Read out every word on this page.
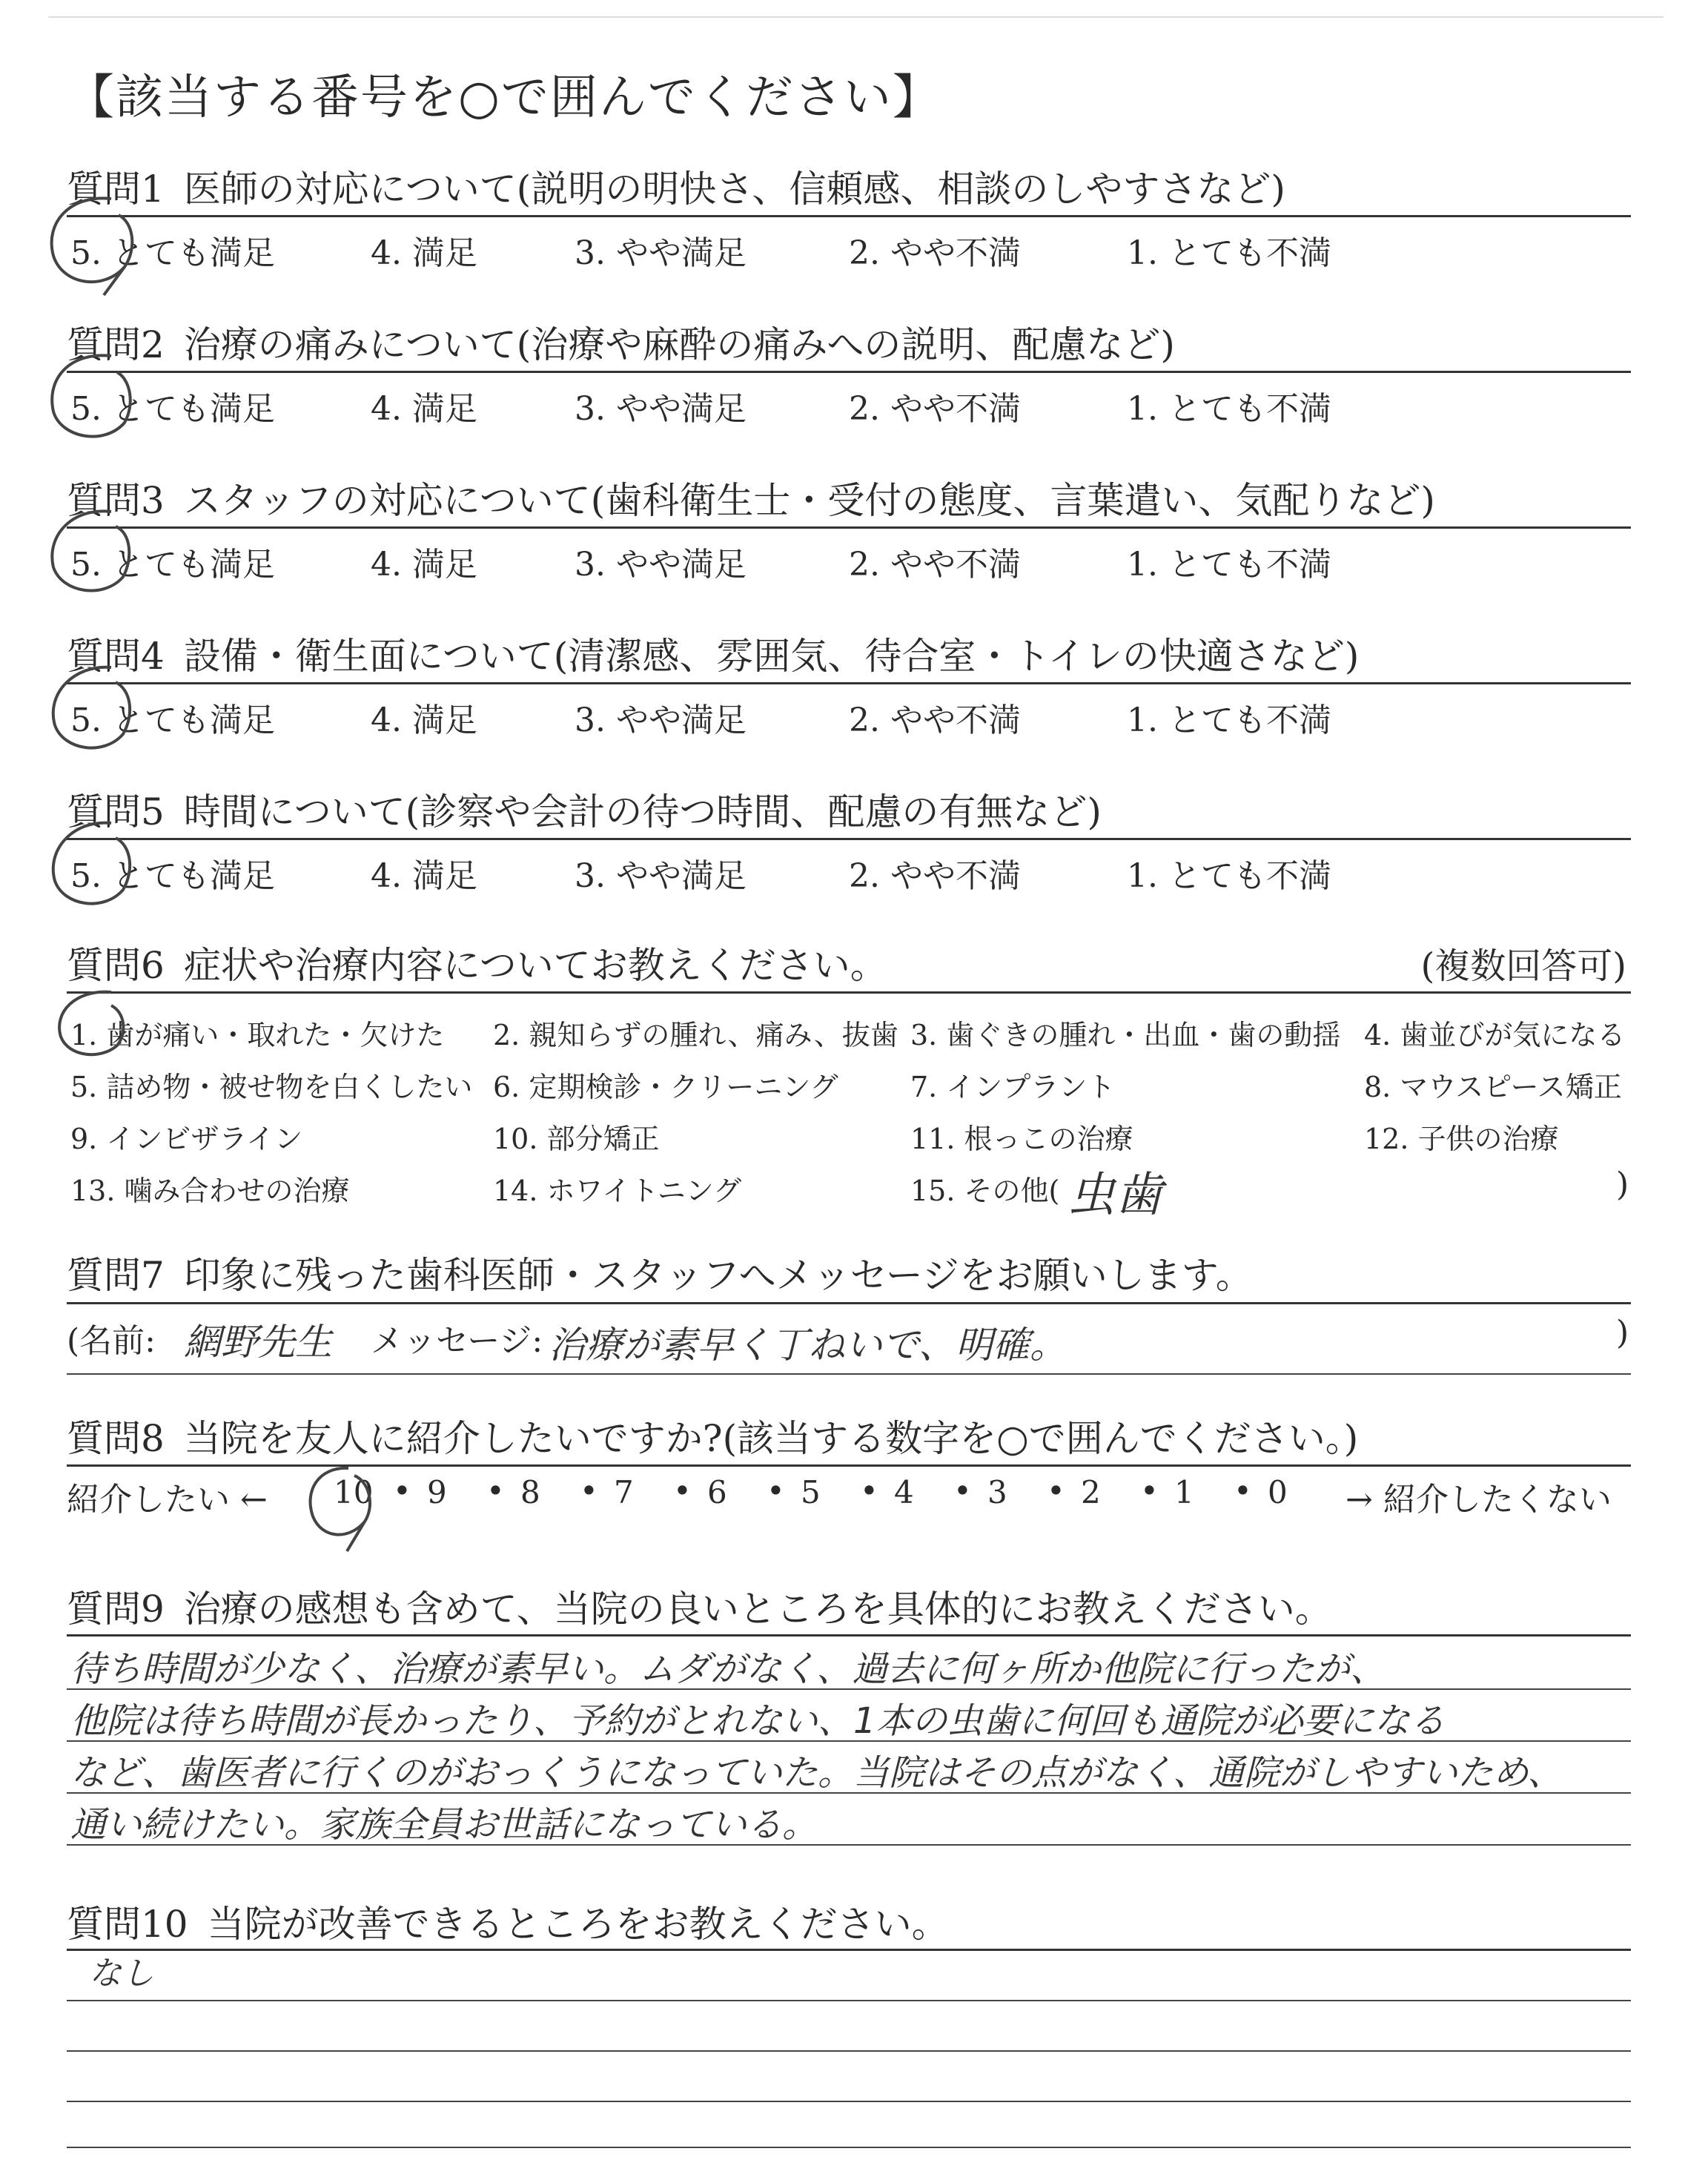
【該当する番号を○で囲んでください】
質問1 医師の対応について(説明の明快さ、信頼感、相談のしやすさなど)
5. とても満足	4. 満足	3. やや満足	2. やや不満	1. とても不満
質問2 治療の痛みについて(治療や麻酔の痛みへの説明、配慮など)
5. とても満足	4. 満足	3. やや満足	2. やや不満	1. とても不満
質問3 スタッフの対応について(歯科衛生士・受付の態度、言葉遣い、気配りなど)
5. とても満足	4. 満足	3. やや満足	2. やや不満	1. とても不満
質問4 設備・衛生面について(清潔感、雰囲気、待合室・トイレの快適さなど)
5. とても満足	4. 満足	3. やや満足	2. やや不満	1. とても不満
質問5 時間について(診察や会計の待つ時間、配慮の有無など)
5. とても満足	4. 満足	3. やや満足	2. やや不満	1. とても不満
質問6 症状や治療内容についてお教えください。	(複数回答可)
1. 歯が痛い・取れた・欠けた 2. 親知らずの腫れ、痛み、抜歯 3. 歯ぐきの腫れ・出血・歯の動揺 4. 歯並びが気になる
5. 詰め物・被せ物を白くしたい 6. 定期検診・クリーニング	7. インプラント	8. マウスピース矯正
9. インビザライン	10. 部分矯正	11. 根っこの治療	12. 子供の治療
13. 噛み合わせの治療	14. ホワイトニング	15. その他(	)
虫歯
質問7 印象に残った歯科医師・スタッフへメッセージをお願いします。
(名前: 網野先生 メッセージ: 治療が素早く丁ねいで、明確。	)
質問8 当院を友人に紹介したいですか?(該当する数字を○で囲んでください。)
紹介したい ← 10 • 9 • 8 • 7 • 6 • 5 • 4 • 3 • 2 • 1 • 0 → 紹介したくない
質問9 治療の感想も含めて、当院の良いところを具体的にお教えください。
待ち時間が少なく、治療が素早い。ムダがなく、過去に何ヶ所か他院に行ったが、
他院は待ち時間が長かったり、予約がとれない、1本の虫歯に何回も通院が必要になる
など、歯医者に行くのがおっくうになっていた。当院はその点がなく、通院がしやすいため、
通い続けたい。家族全員お世話になっている。
質問10 当院が改善できるところをお教えください。
なし
